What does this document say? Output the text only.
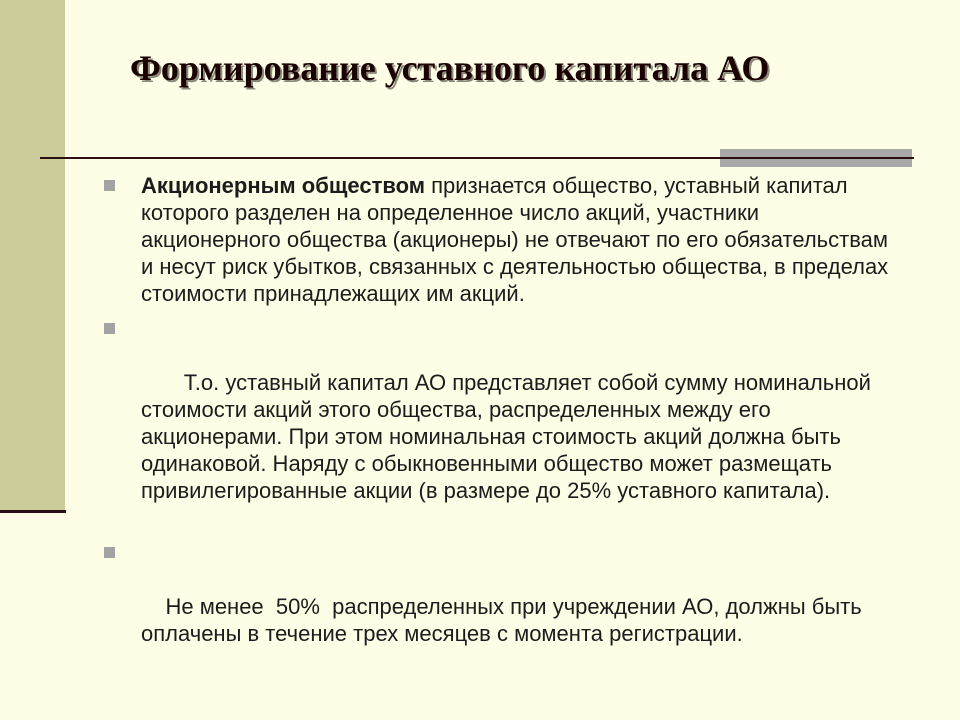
Формирование уставного капитала АО
Акционерным обществом признается общество, уставный капитал которого разделен на определенное число акций, участники акционерного общества (акционеры) не отвечают по его обязательствам и несут риск убытков, связанных с деятельностью общества, в пределах стоимости принадлежащих им акций.

Т.о. уставный капитал АО представляет собой сумму номинальной  стоимости акций этого общества, распределенных между его акционерами. При этом номинальная стоимость акций должна быть одинаковой. Наряду с обыкновенными общество может размещать привилегированные акции (в размере до 25% уставного капитала).

Не менее  50%  распределенных при учреждении АО, должны быть оплачены в течение трех месяцев с момента регистрации.
